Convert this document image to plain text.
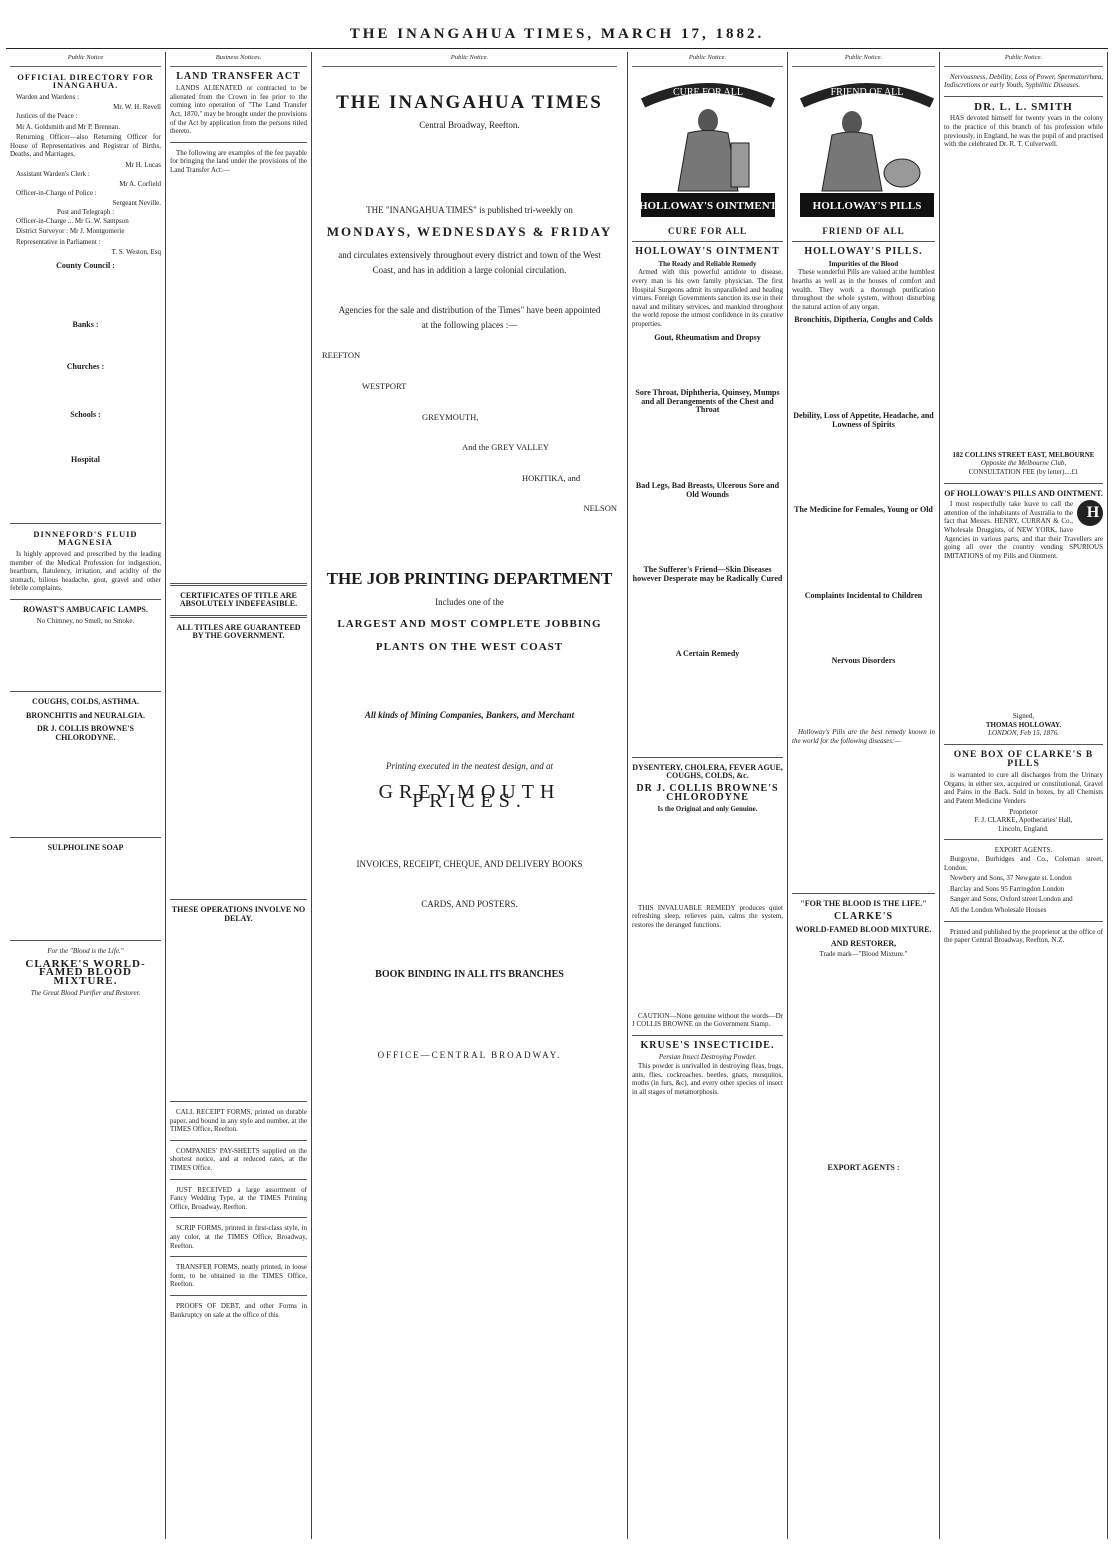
THE INANGAHUA TIMES, MARCH 17, 1882.
Public Notice
OFFICIAL DIRECTORY FOR INANGAHUA.
Warden and Wardens :
Mr. W. H. Revell
Justices of the Peace :
Mr A. Goldsmith and Mr P. Brennan.
Returning Officer—also Returning Officer for House of Representatives and Registrar of Births, Deaths, and Marriages,
Mr H. Lucas
Assistant Warden's Clerk :
Mr A. Corfield
Officer-in-Charge of Police :
Sergeant Neville.
Post and Telegraph :
Officer-in-Charge ... Mr G. W. Sampson
District Surveyor : Mr J. Montgomerie
Representative in Parliament :
T. S. Weston, Esq
County Council :
Banks :
Churches :
Schools :
Hospital
DINNEFORD'S FLUID MAGNESIA
Is highly approved and prescribed by the leading member of the Medical Profession for indigestion, heartburn, flatulency, irritation, and acidity of the stomach, bilious headache, gout, gravel and other febrile complaints.
ROWAST'S AMBUCAFIC LAMPS.
No Chimney, no Smell, no Smoke.
COUGHS, COLDS, ASTHMA.
BRONCHITIS and NEURALGIA.
DR J. COLLIS BROWNE'S CHLORODYNE.
SULPHOLINE SOAP
For the "Blood is the Life."
CLARKE'S WORLD-FAMED BLOOD MIXTURE.
The Great Blood Purifier and Restorer.
Business Notices.
LAND TRANSFER ACT
LANDS ALIENATED or contracted to be alienated from the Crown in fee prior to the coming into operation of "The Land Transfer Act, 1870," may be brought under the provisions of the Act by application from the persons titled thereto.
The following are examples of the fee payable for bringing the land under the provisions of the Land Transfer Act:—
CERTIFICATES OF TITLE ARE ABSOLUTELY INDEFEASIBLE.
ALL TITLES ARE GUARANTEED BY THE GOVERNMENT.
THESE OPERATIONS INVOLVE NO DELAY.
CALL RECEIPT FORMS, printed on durable paper, and bound in any style and number, at the TIMES Office, Reefton.
COMPANIES' PAY-SHEETS supplied on the shortest notice, and at reduced rates, at the TIMES Office.
JUST RECEIVED a large assortment of Fancy Wedding Type, at the TIMES Printing Office, Broadway, Reefton.
SCRIP FORMS, printed in first-class style, in any color, at the TIMES Office, Broadway, Reefton.
TRANSFER FORMS, neatly printed, in loose form, to be obtained in the TIMES Office, Reefton.
PROOFS OF DEBT, and other Forms in Bankruptcy on sale at the office of this
Public Notice.
THE INANGAHUA TIMES
Central Broadway, Reefton.
THE "INANGAHUA TIMES" is published tri-weekly on
MONDAYS, WEDNESDAYS & FRIDAY
and circulates extensively throughout every district and town of the West
Coast, and has in addition a large colonial circulation.
Agencies for the sale and distribution of the Times" have been appointed
at the following places :—
REEFTON
WESTPORT
GREYMOUTH,
And the GREY VALLEY
HOKITIKA, and
NELSON
THE JOB PRINTING DEPARTMENT
Includes one of the
LARGEST AND MOST COMPLETE JOBBING
PLANTS ON THE WEST COAST
All kinds of Mining Companies, Bankers, and Merchant
Printing executed in the neatest design, and at
GREYMOUTH PRICES.
INVOICES, RECEIPT, CHEQUE, AND DELIVERY BOOKS
CARDS, AND POSTERS.
BOOK BINDING IN ALL ITS BRANCHES
OFFICE—CENTRAL BROADWAY.
Public Notice.
CURE FOR ALL
HOLLOWAY'S OINTMENT
CURE FOR ALL
HOLLOWAY'S OINTMENT
The Ready and Reliable Remedy
Armed with this powerful antidote to disease, every man is his own family physician. The first Hospital Surgeons admit its unparalleled and healing virtues. Foreign Governments sanction its use in their naval and military services, and mankind throughout the world repose the utmost confidence in its curative properties.
Gout, Rheumatism and Dropsy
Sore Throat, Diphtheria, Quinsey, Mumps and all Derangements of the Chest and Throat
Bad Legs, Bad Breasts, Ulcerous Sore and Old Wounds
The Sufferer's Friend—Skin Diseases however Desperate may be Radically Cured
A Certain Remedy
DYSENTERY, CHOLERA, FEVER AGUE, COUGHS, COLDS, &c.
DR J. COLLIS BROWNE'S CHLORODYNE
Is the Original and only Genuine.
THIS INVALUABLE REMEDY produces quiet refreshing sleep, relieves pain, calms the system, restores the deranged functions.
CAUTION—None genuine without the words—Dr J COLLIS BROWNE on the Government Stamp.
KRUSE'S INSECTICIDE.
Persian Insect Destroying Powder.
This powder is unrivalled in destroying fleas, bugs, ants, flies, cockroaches, beetles, gnats, mosquitos, moths (in furs, &c), and every other species of insect in all stages of metamorphosis.
Public Notice.
FRIEND OF ALL
HOLLOWAY'S PILLS
FRIEND OF ALL
HOLLOWAY'S PILLS.
Impurities of the Blood
These wonderful Pills are valued at the humblest hearths as well as in the houses of comfort and wealth. They work a thorough purification throughout the whole system, without disturbing the natural action of any organ.
Bronchitis, Diptheria, Coughs and Colds
Debility, Loss of Appetite, Headache, and Lowness of Spirits
The Medicine for Females, Young or Old
Complaints Incidental to Children
Nervous Disorders
Holloway's Pills are the best remedy known in the world for the following diseases:—
"FOR THE BLOOD IS THE LIFE."
CLARKE'S
WORLD-FAMED BLOOD MIXTURE.
AND RESTORER,
Trade mark—"Blood Mixture."
EXPORT AGENTS :
Public Notice.
Nervousness, Debility, Loss of Power, Spermatorrhœa, Indiscretions or early Youth, Syphilitic Diseases.
DR. L. L. SMITH
HAS devoted himself for twenty years in the colony to the practice of this branch of his profession while previously, in England, he was the pupil of and practised with the celebrated Dr. R. T. Culverwell.
182 COLLINS STREET EAST, MELBOURNE
Opposite the Melbourne Club,
CONSULTATION FEE (by letter)....£1
OF HOLLOWAY'S PILLS AND OINTMENT.
H
I most respectfully take leave to call the attention of the inhabitants of Australia to the fact that Messrs. HENRY, CURRAN & Co., Wholesale Druggists, of NEW YORK, have Agencies in various parts, and that their Travellers are going all over the country vending SPURIOUS IMITATIONS of my Pills and Ointment.
Signed,
THOMAS HOLLOWAY.
LONDON, Feb 15, 1876.
ONE BOX OF CLARKE'S B PILLS
is warranted to cure all discharges from the Urinary Organs, in either sex, acquired or constitutional, Gravel and Pains in the Back. Sold in boxes, by all Chemists and Patent Medicine Venders
Proprietor
F. J. CLARKE, Apothecaries' Hall,
Lincoln, England.
EXPORT AGENTS.
Burgoyne, Burbidges and Co., Coleman street, London.
Newbery and Sons, 37 Newgate st. London
Barclay and Sons 95 Farringdon London
Sanger and Sons, Oxford street London and
All the London Wholesale Houses
Printed and published by the proprietor at the office of the paper Central Broadway, Reefton, N.Z.
